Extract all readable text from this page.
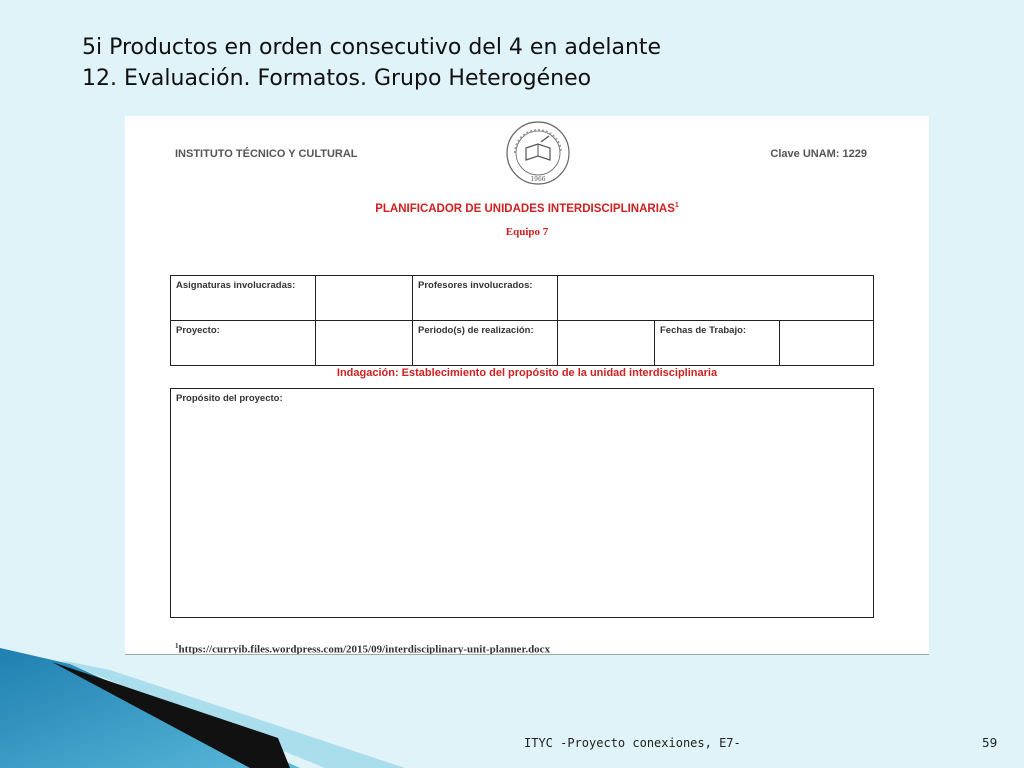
5i Productos en orden consecutivo del 4 en adelante
12. Evaluación. Formatos. Grupo Heterogéneo
INSTITUTO TÉCNICO Y CULTURAL
1966
Clave UNAM: 1229
PLANIFICADOR DE UNIDADES INTERDISCIPLINARIAS$^1$
Equipo 7
Asignaturas involucradas:		Profesores involucrados:			
Proyecto:		Periodo(s) de realización:		Fechas de Trabajo:	
Indagación: Establecimiento del propósito de la unidad interdisciplinaria
Propósito del proyecto:
$^1$https://curryib.files.wordpress.com/2015/09/interdisciplinary-unit-planner.docx
ITYC -Proyecto conexiones, E7-	59
